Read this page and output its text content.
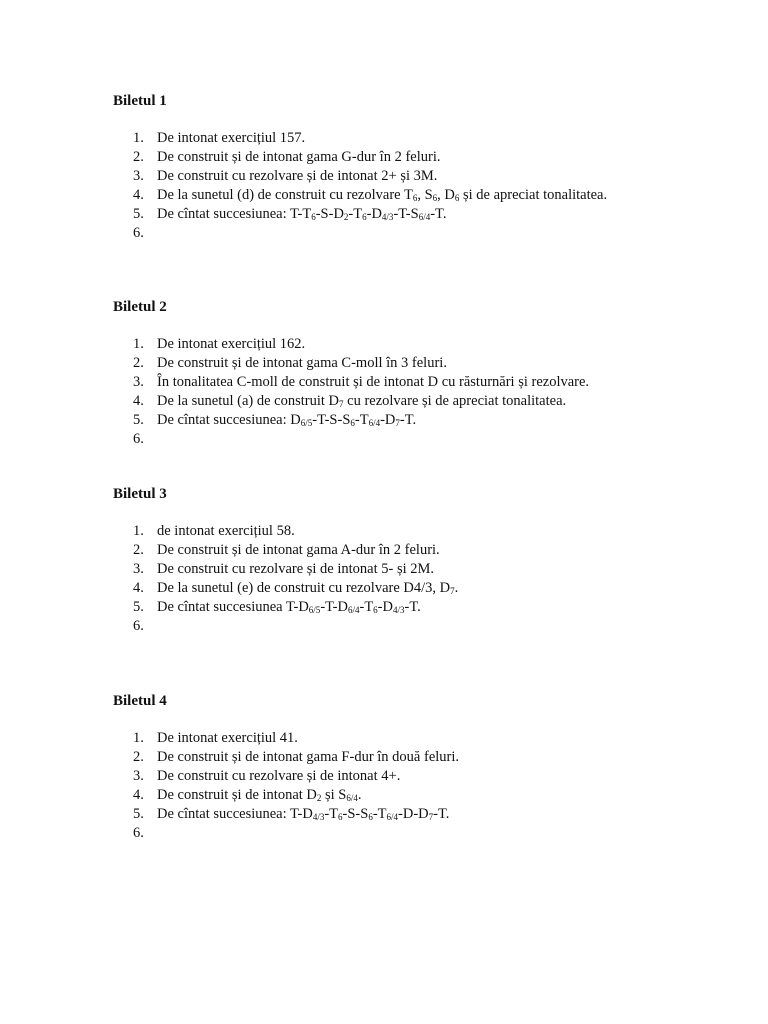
Biletul 1
1. De intonat exercițiul 157.
2. De construit și de intonat gama G-dur în 2 feluri.
3. De construit cu rezolvare și de intonat 2+ și 3M.
4. De la sunetul (d) de construit cu rezolvare $T_6$, $S_6$, $D_6$ și de apreciat tonalitatea.
5. De cîntat succesiunea: $T-T_6-S-D_2-T_6-D_{4/3}-T-S_{6/4}-T$.
6.
Biletul 2
1. De intonat exercițiul 162.
2. De construit și de intonat gama C-moll în 3 feluri.
3. În tonalitatea C-moll de construit și de intonat D cu răsturnări și rezolvare.
4. De la sunetul (a) de construit $D_7$ cu rezolvare și de apreciat tonalitatea.
5. De cîntat succesiunea: $D_{6/5}-T-S-S_6-T_{6/4}-D_7-T$.
6.
Biletul 3
1. de intonat exercițiul 58.
2. De construit și de intonat gama A-dur în 2 feluri.
3. De construit cu rezolvare și de intonat 5- și 2M.
4. De la sunetul (e) de construit cu rezolvare D4/3, $D_7$.
5. De cîntat succesiunea $T-D_{6/5}-T-D_{6/4}-T_6-D_{4/3}-T$.
6.
Biletul 4
1. De intonat exercițiul 41.
2. De construit și de intonat gama F-dur în două feluri.
3. De construit cu rezolvare și de intonat 4+.
4. De construit și de intonat $D_2$ și $S_{6/4}$.
5. De cîntat succesiunea: $T-D_{4/3}-T_6-S-S_6-T_{6/4}-D-D_7-T$.
6.
